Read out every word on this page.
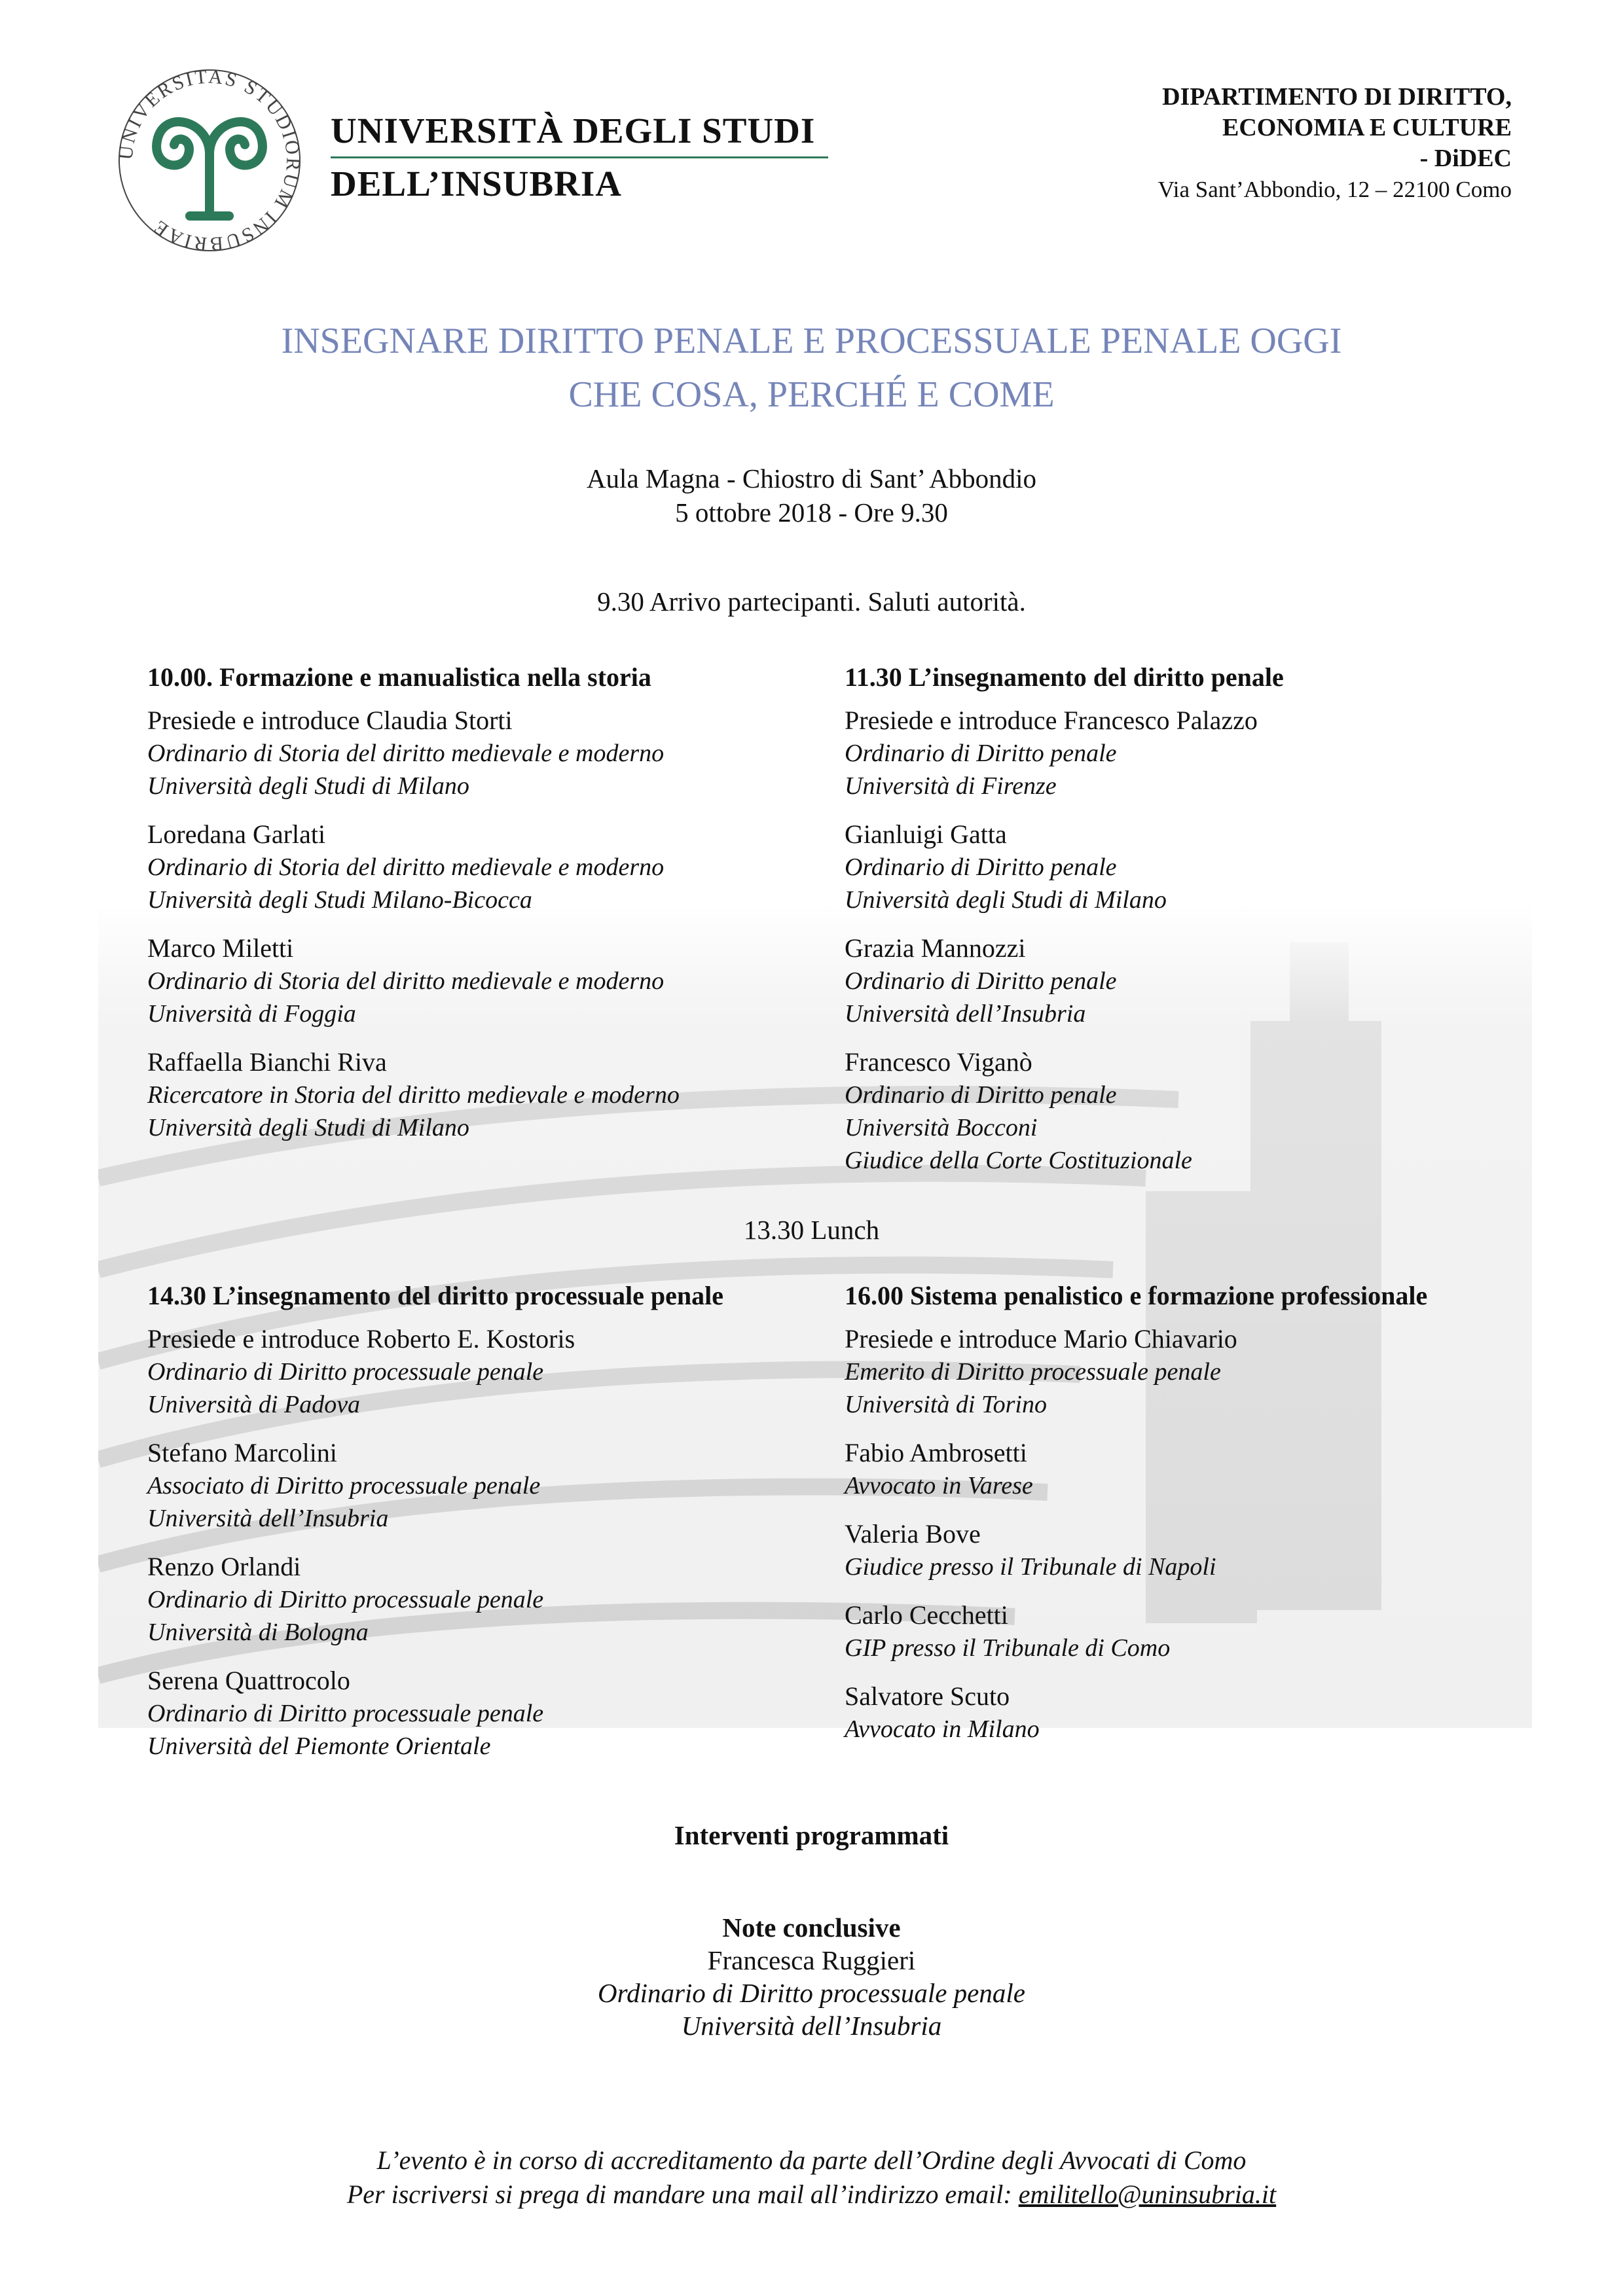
UNIVERSITAS STUDIORUM INSUBRIAE
UNIVERSITÀ DEGLI STUDI
DELL’INSUBRIA
DIPARTIMENTO DI DIRITTO,
ECONOMIA E CULTURE
- DiDEC
Via Sant’Abbondio, 12 – 22100 Como
INSEGNARE DIRITTO PENALE E PROCESSUALE PENALE OGGI
CHE COSA, PERCHÉ E COME
Aula Magna - Chiostro di Sant’ Abbondio
5 ottobre 2018 - Ore 9.30
9.30 Arrivo partecipanti. Saluti autorità.
10.00. Formazione e manualistica nella storia
Presiede e introduce Claudia Storti
Ordinario di Storia del diritto medievale e moderno
Università degli Studi di Milano
Loredana Garlati
Ordinario di Storia del diritto medievale e moderno
Università degli Studi Milano-Bicocca
Marco Miletti
Ordinario di Storia del diritto medievale e moderno
Università di Foggia
Raffaella Bianchi Riva
Ricercatore in Storia del diritto medievale e moderno
Università degli Studi di Milano
11.30 L’insegnamento del diritto penale
Presiede e introduce Francesco Palazzo
Ordinario di Diritto penale
Università di Firenze
Gianluigi Gatta
Ordinario di Diritto penale
Università degli Studi di Milano
Grazia Mannozzi
Ordinario di Diritto penale
Università dell’Insubria
Francesco Viganò
Ordinario di Diritto penale
Università Bocconi
Giudice della Corte Costituzionale
13.30 Lunch
14.30 L’insegnamento del diritto processuale penale
Presiede e introduce Roberto E. Kostoris
Ordinario di Diritto processuale penale
Università di Padova
Stefano Marcolini
Associato di Diritto processuale penale
Università dell’Insubria
Renzo Orlandi
Ordinario di Diritto processuale penale
Università di Bologna
Serena Quattrocolo
Ordinario di Diritto processuale penale
Università del Piemonte Orientale
16.00 Sistema penalistico e formazione professionale
Presiede e introduce Mario Chiavario
Emerito di Diritto processuale penale
Università di Torino
Fabio Ambrosetti
Avvocato in Varese
Valeria Bove
Giudice presso il Tribunale di Napoli
Carlo Cecchetti
GIP presso il Tribunale di Como
Salvatore Scuto
Avvocato in Milano
Interventi programmati
Note conclusive
Francesca Ruggieri
Ordinario di Diritto processuale penale
Università dell’Insubria
L’evento è in corso di accreditamento da parte dell’Ordine degli Avvocati di Como
Per iscriversi si prega di mandare una mail all’indirizzo email: emilitello@uninsubria.it
